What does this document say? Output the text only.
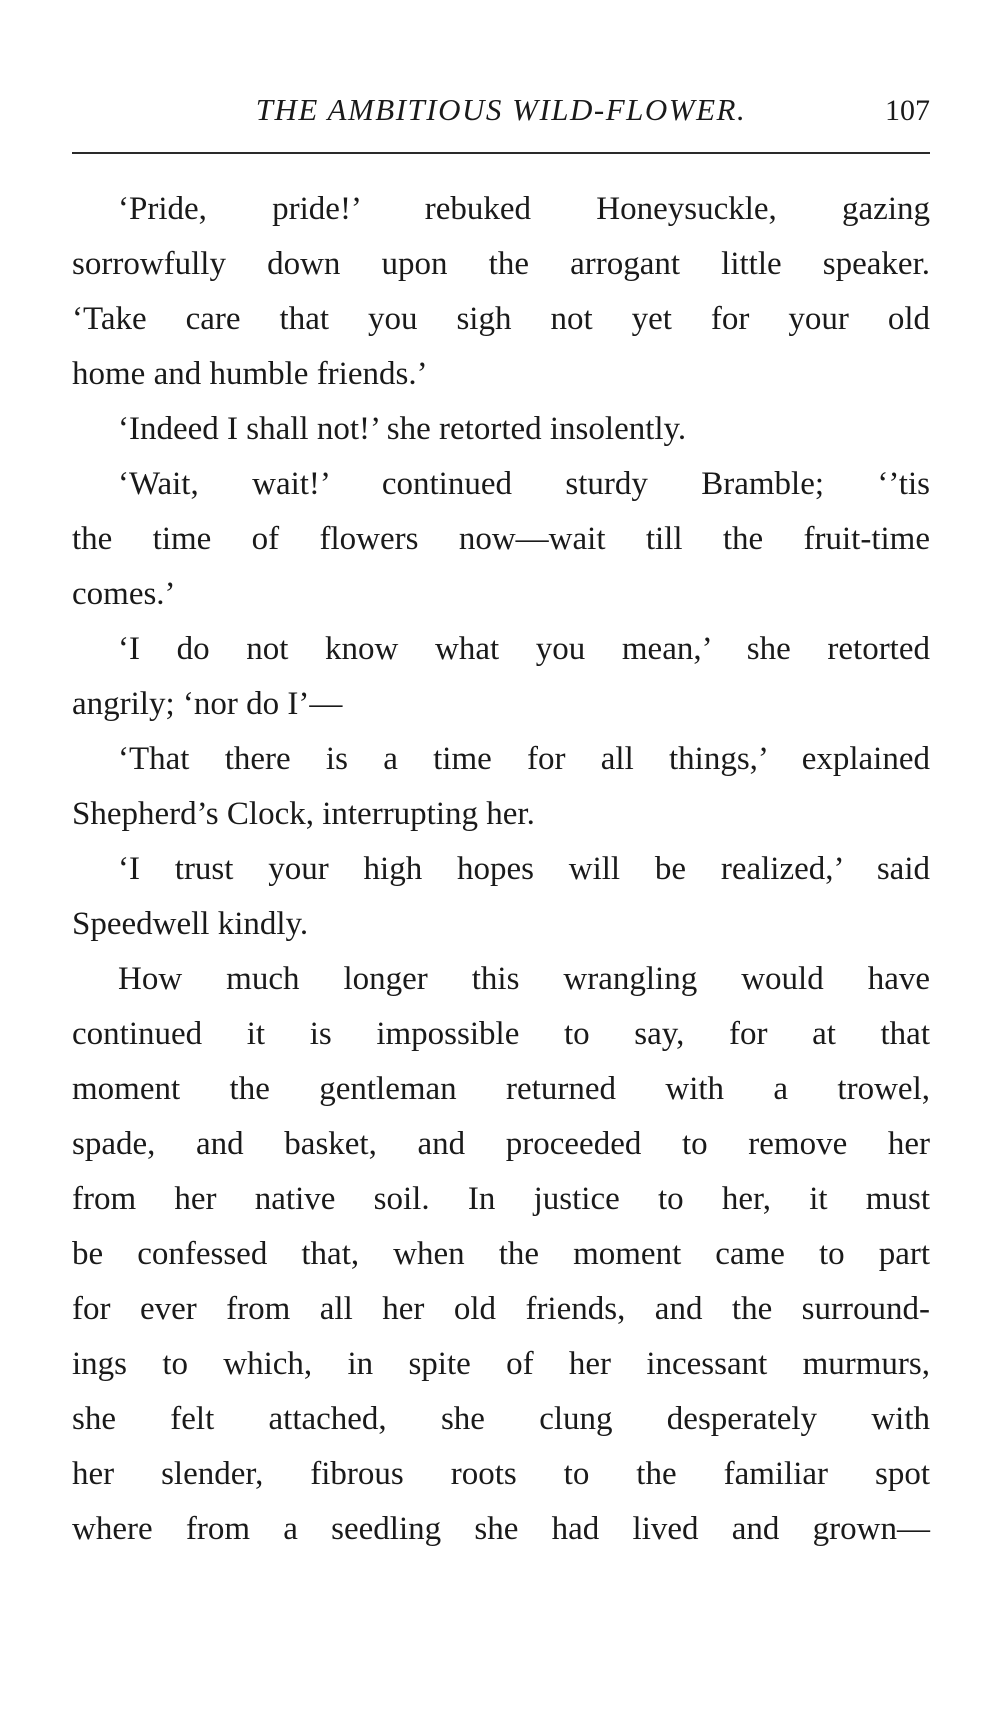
THE AMBITIOUS WILD-FLOWER.	107
‘Pride, pride!’ rebuked Honeysuckle, gazing
sorrowfully down upon the arrogant little speaker.
‘Take care that you sigh not yet for your old
home and humble friends.’
‘Indeed I shall not!’ she retorted insolently.
‘Wait, wait!’ continued sturdy Bramble; ‘’tis
the time of flowers now—wait till the fruit-time
comes.’
‘I do not know what you mean,’ she retorted
angrily; ‘nor do I’—
‘That there is a time for all things,’ explained
Shepherd’s Clock, interrupting her.
‘I trust your high hopes will be realized,’ said
Speedwell kindly.
How much longer this wrangling would have
continued it is impossible to say, for at that
moment the gentleman returned with a trowel,
spade, and basket, and proceeded to remove her
from her native soil. In justice to her, it must
be confessed that, when the moment came to part
for ever from all her old friends, and the surround-
ings to which, in spite of her incessant murmurs,
she felt attached, she clung desperately with
her slender, fibrous roots to the familiar spot
where from a seedling she had lived and grown—
